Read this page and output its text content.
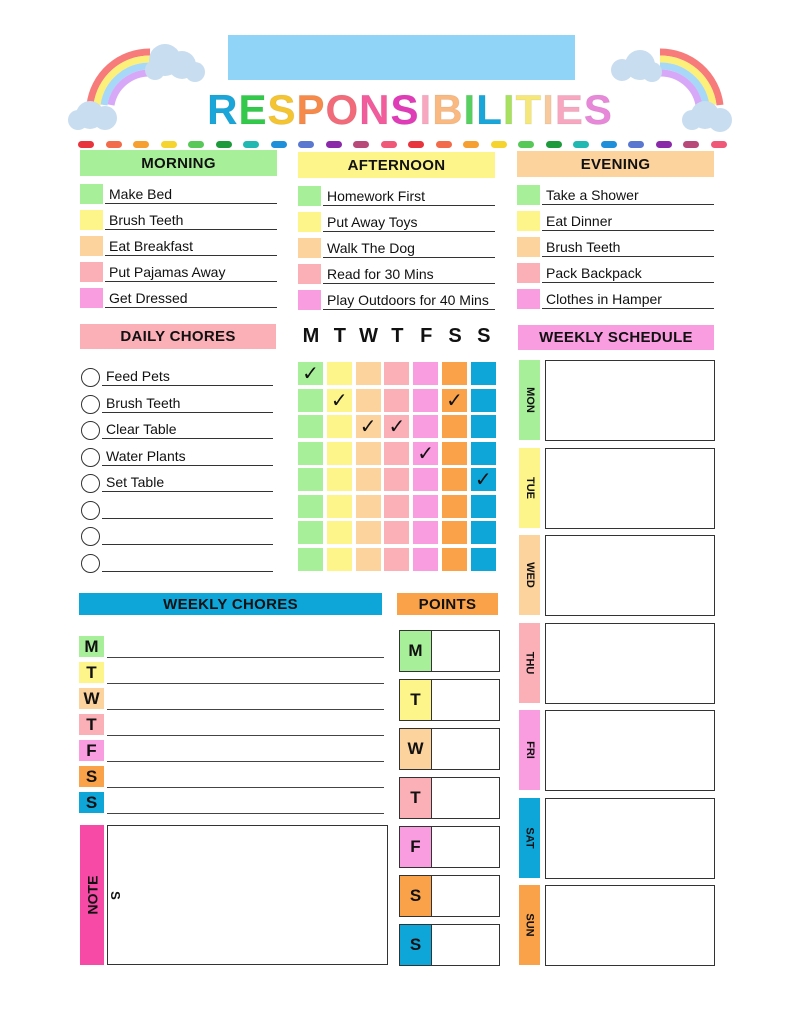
RESPONSIBILITIES
MORNING
Make Bed
Brush Teeth
Eat Breakfast
Put Pajamas Away
Get Dressed
AFTERNOON
Homework First
Put Away Toys
Walk The Dog
Read for 30 Mins
Play Outdoors for 40 Mins
EVENING
Take a Shower
Eat Dinner
Brush Teeth
Pack Backpack
Clothes in Hamper
DAILY CHORES
Feed Pets
Brush Teeth
Clear Table
Water Plants
Set Table
M T W T F S S
✓
✓	✓
✓ ✓
✓
✓
WEEKLY SCHEDULE
MON
TUE
WED
THU
FRI
SAT
SUN
WEEKLY CHORES	POINTS
M
T
W
T
F
S
S
M
T
W
T
F
S
S
NOTE S
